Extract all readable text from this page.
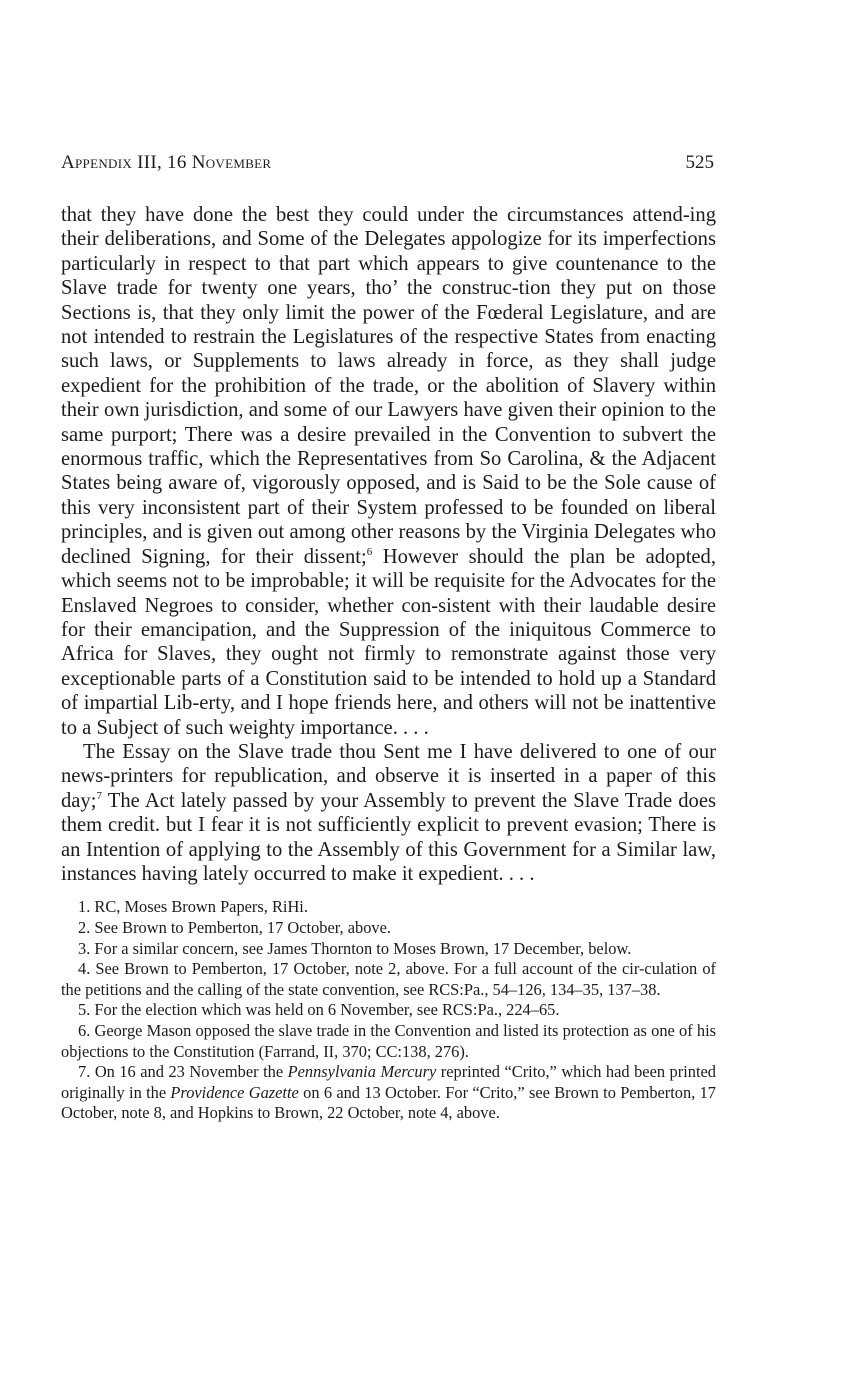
Appendix III, 16 November	525

that they have done the best they could under the circumstances attend-ing their deliberations, and Some of the Delegates appologize for its imperfections particularly in respect to that part which appears to give countenance to the Slave trade for twenty one years, tho’ the construc-tion they put on those Sections is, that they only limit the power of the Fœderal Legislature, and are not intended to restrain the Legislatures of the respective States from enacting such laws, or Supplements to laws already in force, as they shall judge expedient for the prohibition of the trade, or the abolition of Slavery within their own jurisdiction, and some of our Lawyers have given their opinion to the same purport; There was a desire prevailed in the Convention to subvert the enormous traffic, which the Representatives from So Carolina, & the Adjacent States being aware of, vigorously opposed, and is Said to be the Sole cause of this very inconsistent part of their System professed to be founded on liberal principles, and is given out among other reasons by the Virginia Delegates who declined Signing, for their dissent;$^6$ However should the plan be adopted, which seems not to be improbable; it will be requisite for the Advocates for the Enslaved Negroes to consider, whether con-sistent with their laudable desire for their emancipation, and the Suppression of the iniquitous Commerce to Africa for Slaves, they ought not firmly to remonstrate against those very exceptionable parts of a Constitution said to be intended to hold up a Standard of impartial Lib-erty, and I hope friends here, and others will not be inattentive to a Subject of such weighty importance. . . .

The Essay on the Slave trade thou Sent me I have delivered to one of our news-printers for republication, and observe it is inserted in a paper of this day;$^7$ The Act lately passed by your Assembly to prevent the Slave Trade does them credit. but I fear it is not sufficiently explicit to prevent evasion; There is an Intention of applying to the Assembly of this Government for a Similar law, instances having lately occurred to make it expedient. . . .

1. RC, Moses Brown Papers, RiHi.

2. See Brown to Pemberton, 17 October, above.

3. For a similar concern, see James Thornton to Moses Brown, 17 December, below.

4. See Brown to Pemberton, 17 October, note 2, above. For a full account of the cir-culation of the petitions and the calling of the state convention, see RCS:Pa., 54–126, 134–35, 137–38.

5. For the election which was held on 6 November, see RCS:Pa., 224–65.

6. George Mason opposed the slave trade in the Convention and listed its protection as one of his objections to the Constitution (Farrand, II, 370; CC:138, 276).

7. On 16 and 23 November the Pennsylvania Mercury reprinted “Crito,” which had been printed originally in the Providence Gazette on 6 and 13 October. For “Crito,” see Brown to Pemberton, 17 October, note 8, and Hopkins to Brown, 22 October, note 4, above.
